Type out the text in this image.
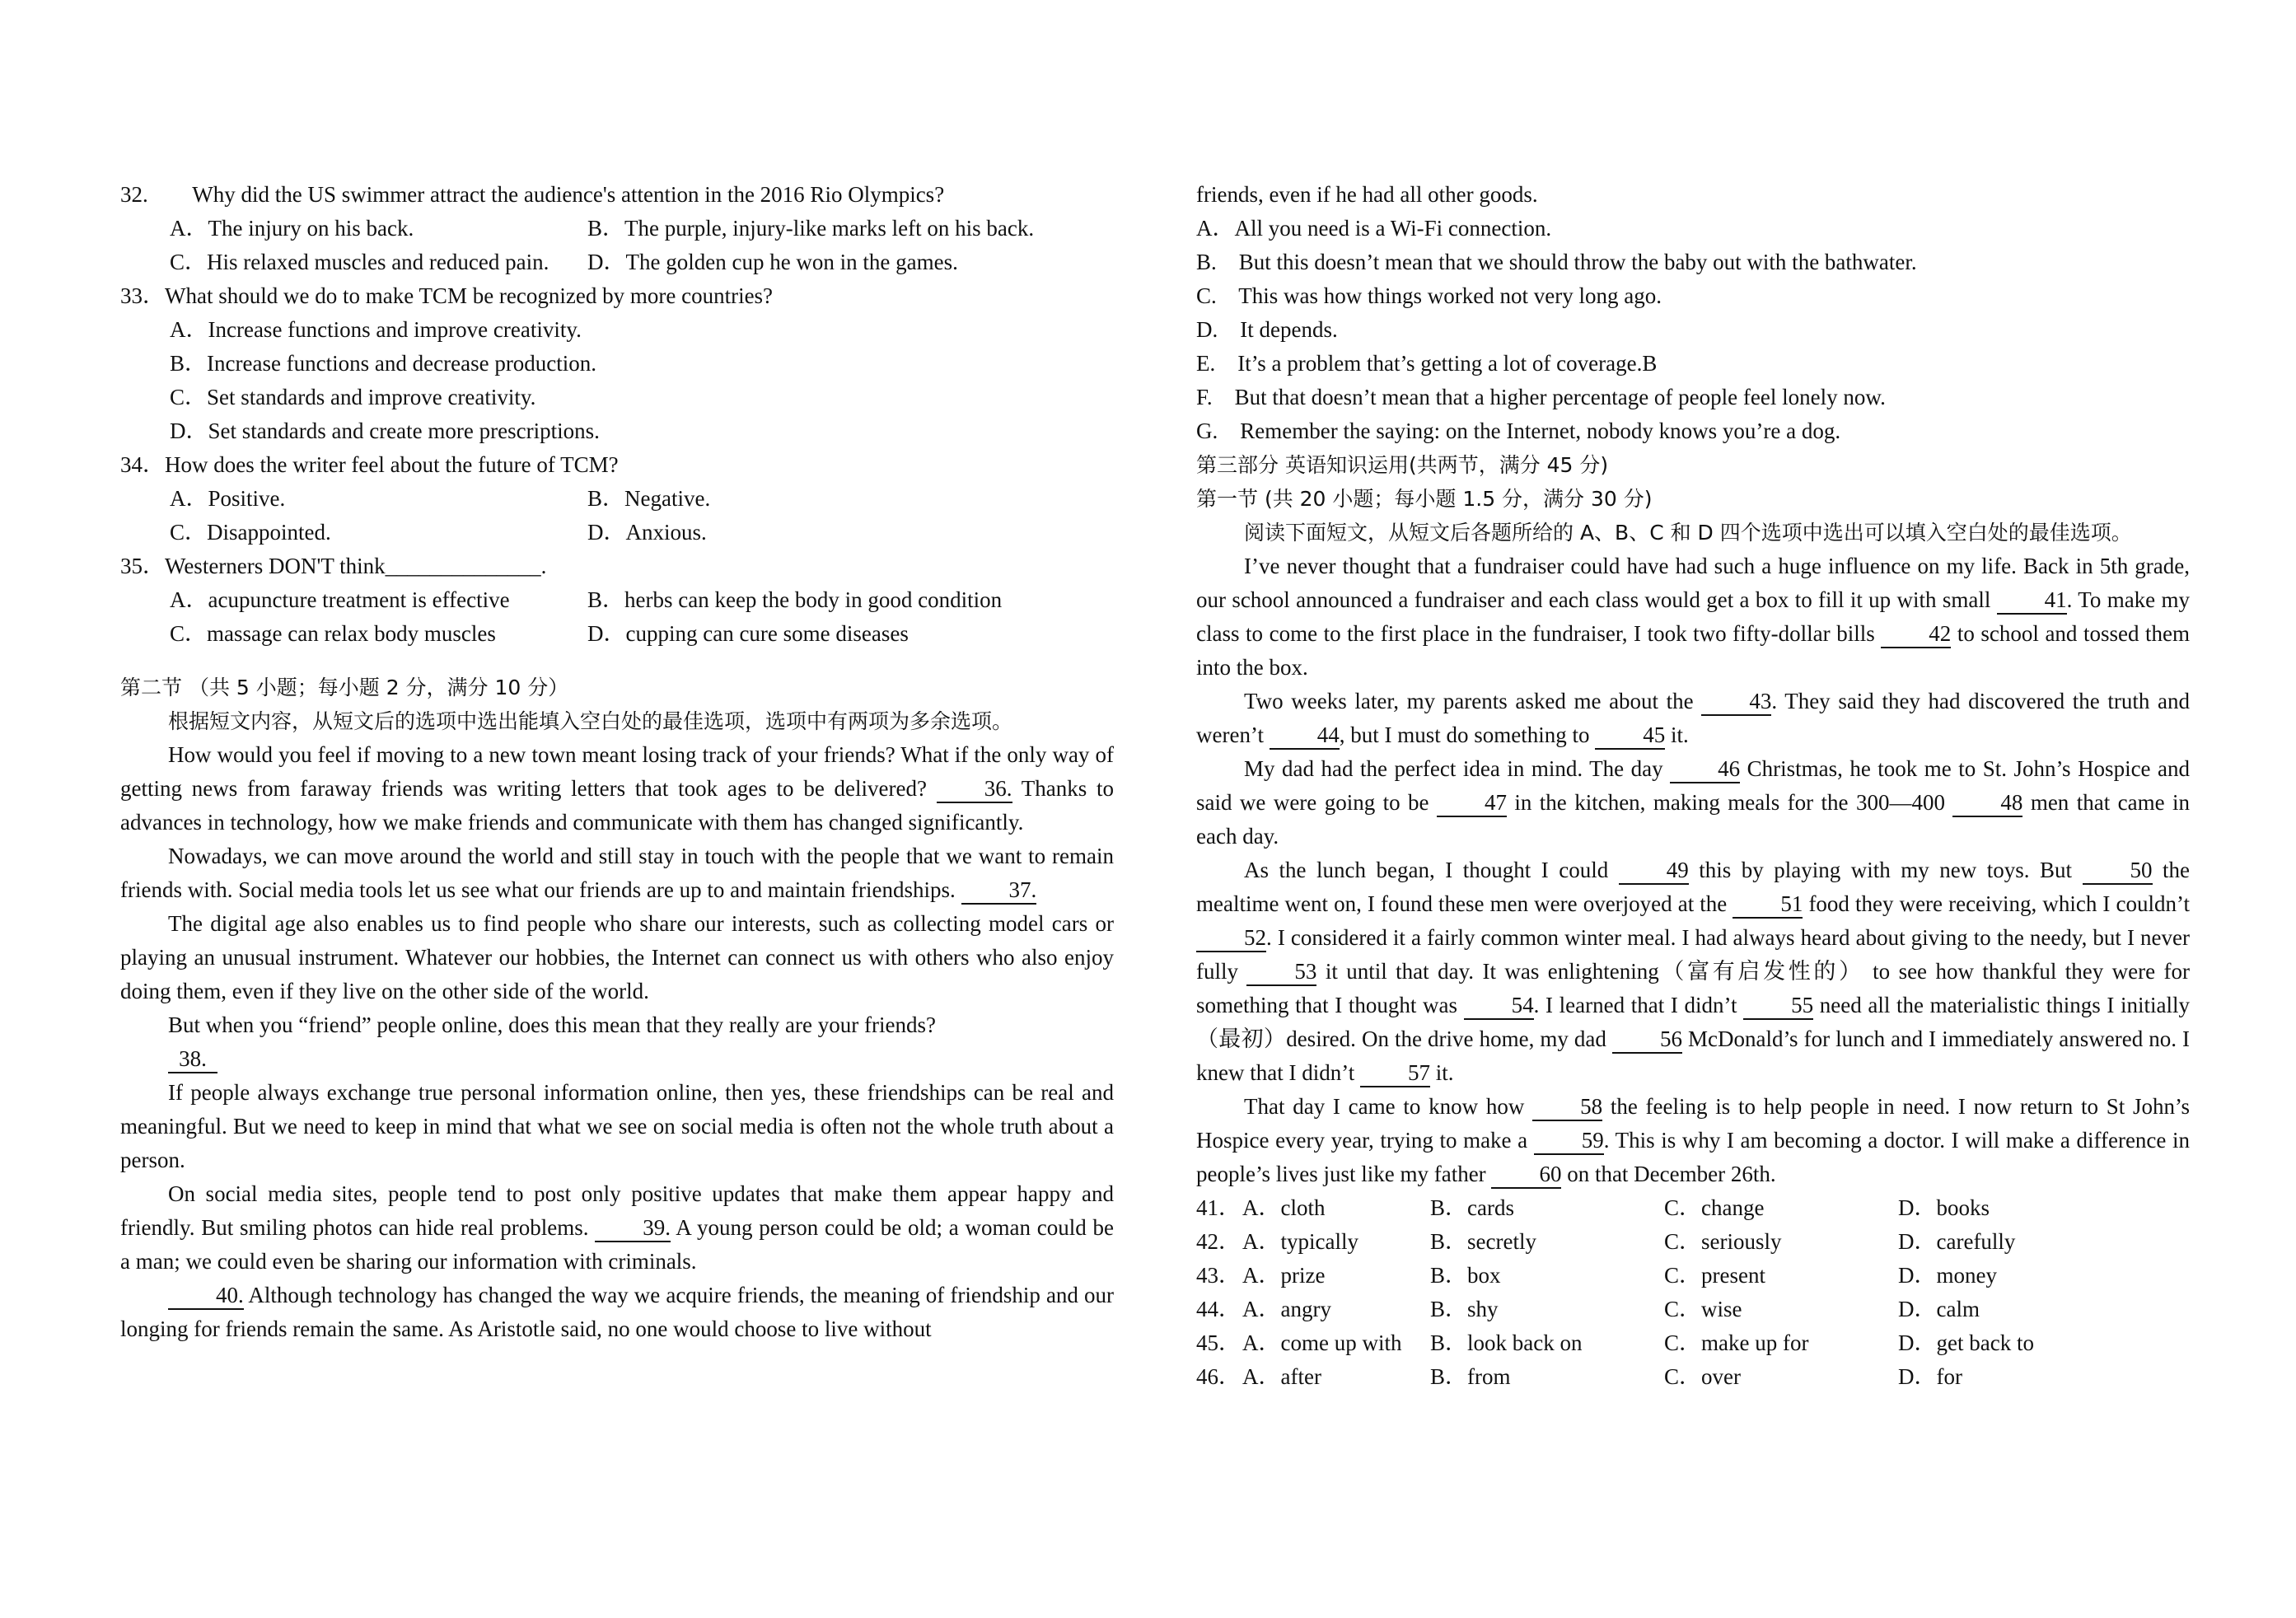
32.        Why did the US swimmer attract the audience's attention in the 2016 Rio Olympics?
A．The injury on his back.	B．The purple, injury-like marks left on his back.
C．His relaxed muscles and reduced pain.	D．The golden cup he won in the games.
33．What should we do to make TCM be recognized by more countries?
A．Increase functions and improve creativity.
B．Increase functions and decrease production.
C．Set standards and improve creativity.
D．Set standards and create more prescriptions.
34．How does the writer feel about the future of TCM?
A．Positive.	B．Negative.
C．Disappointed.	D．Anxious.
35．Westerners DON'T think______________.
A．acupuncture treatment is effective	B．herbs can keep the body in good condition
C．massage can relax body muscles	D．cupping can cure some diseases
第二节 （共 5 小题；每小题 2 分，满分 10 分）
根据短文内容，从短文后的选项中选出能填入空白处的最佳选项，选项中有两项为多余选项。
How would you feel if moving to a new town meant losing track of your friends? What if the only way of getting news from faraway friends was writing letters that took ages to be delivered?	36. Thanks to advances in technology, how we make friends and communicate with them has changed significantly.
Nowadays, we can move around the world and still stay in touch with the people that we want to remain friends with. Social media tools let us see what our friends are up to and maintain friendships. 37.
The digital age also enables us to find people who share our interests, such as collecting model cars or playing an unusual instrument. Whatever our hobbies, the Internet can connect us with others who also enjoy doing them, even if they live on the other side of the world.
But when you “friend” people online, does this mean that they really are your friends?
38.
If people always exchange true personal information online, then yes, these friendships can be real and meaningful. But we need to keep in mind that what we see on social media is often not the whole truth about a person.
On social media sites, people tend to post only positive updates that make them appear happy and friendly. But smiling photos can hide real problems. 39. A young person could be old; a woman could be a man; we could even be sharing our information with criminals.
40. Although technology has changed the way we acquire friends, the meaning of friendship and our longing for friends remain the same. As Aristotle said, no one would choose to live without
friends, even if he had all other goods.
A．All you need is a Wi-Fi connection.
B.    But this doesn’t mean that we should throw the baby out with the bathwater.
C.    This was how things worked not very long ago.
D.    It depends.
E.    It’s a problem that’s getting a lot of coverage.B
F.    But that doesn’t mean that a higher percentage of people feel lonely now.
G.    Remember the saying: on the Internet, nobody knows you’re a dog.
第三部分 英语知识运用(共两节，满分 45 分)
第一节 (共 20 小题；每小题 1.5 分，满分 30 分)
阅读下面短文，从短文后各题所给的 A、B、C 和 D 四个选项中选出可以填入空白处的最佳选项。
I’ve never thought that a fundraiser could have had such a huge influence on my life. Back in 5th grade, our school announced a fundraiser and each class would get a box to fill it up with small 41. To make my class to come to the first place in the fundraiser, I took two fifty-dollar bills 42 to school and tossed them into the box.
Two weeks later, my parents asked me about the	43. They said they had discovered the truth and weren’t 44, but I must do something to 45 it.
My dad had the perfect idea in mind. The day 46 Christmas, he took me to St. John’s Hospice and said we were going to be 47 in the kitchen, making meals for the 300—400 48 men that came in each day.
As the lunch began, I thought I could	49 this by playing with my new toys. But	50 the mealtime went on, I found these men were overjoyed at the 51 food they were receiving, which I couldn’t 52. I considered it a fairly common winter meal. I had always heard about giving to the needy, but I never fully	53 it until that day. It was enlightening（富有启发性的） to see how thankful they were for something that I thought was 54. I learned that I didn’t 55 need all the materialistic things I initially（最初）desired. On the drive home, my dad 56 McDonald’s for lunch and I immediately answered no. I knew that I didn’t 57 it.
That day I came to know how	58 the feeling is to help people in need. I now return to St John’s Hospice every year, trying to make a 59. This is why I am becoming a doctor. I will make a difference in people’s lives just like my father 60 on that December 26th.
41．A．cloth	B．cards	C．change	D．books
42．A．typically	B．secretly	C．seriously	D．carefully
43．A．prize	B．box	C．present	D．money
44．A．angry	B．shy	C．wise	D．calm
45．A．come up with	B．look back on	C．make up for	D．get back to
46．A．after	B．from	C．over	D．for
